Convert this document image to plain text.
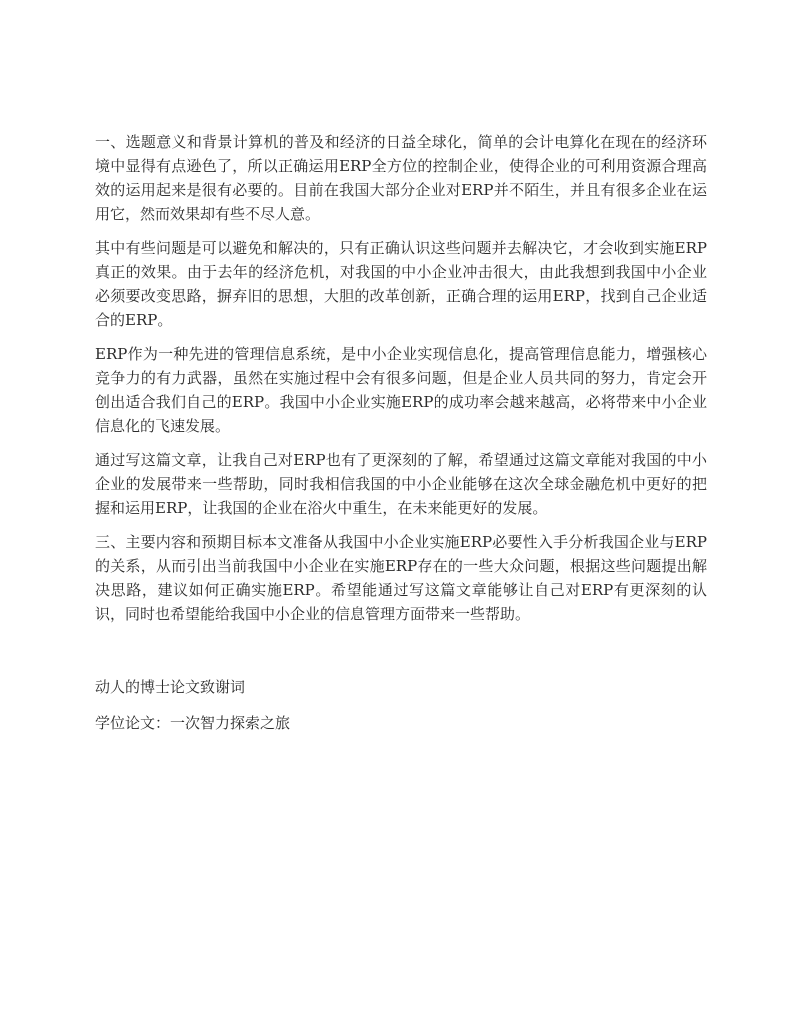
一、选题意义和背景计算机的普及和经济的日益全球化，简单的会计电算化在现在的经济环境中显得有点逊色了，所以正确运用ERP全方位的控制企业，使得企业的可利用资源合理高效的运用起来是很有必要的。目前在我国大部分企业对ERP并不陌生，并且有很多企业在运用它，然而效果却有些不尽人意。

其中有些问题是可以避免和解决的，只有正确认识这些问题并去解决它，才会收到实施ERP真正的效果。由于去年的经济危机，对我国的中小企业冲击很大，由此我想到我国中小企业必须要改变思路，摒弃旧的思想，大胆的改革创新，正确合理的运用ERP，找到自己企业适合的ERP。

ERP作为一种先进的管理信息系统，是中小企业实现信息化，提高管理信息能力，增强核心竞争力的有力武器，虽然在实施过程中会有很多问题，但是企业人员共同的努力，肯定会开创出适合我们自己的ERP。我国中小企业实施ERP的成功率会越来越高，必将带来中小企业信息化的飞速发展。

通过写这篇文章，让我自己对ERP也有了更深刻的了解，希望通过这篇文章能对我国的中小企业的发展带来一些帮助，同时我相信我国的中小企业能够在这次全球金融危机中更好的把握和运用ERP，让我国的企业在浴火中重生，在未来能更好的发展。

三、主要内容和预期目标本文准备从我国中小企业实施ERP必要性入手分析我国企业与ERP的关系，从而引出当前我国中小企业在实施ERP存在的一些大众问题，根据这些问题提出解决思路，建议如何正确实施ERP。希望能通过写这篇文章能够让自己对ERP有更深刻的认识，同时也希望能给我国中小企业的信息管理方面带来一些帮助。

动人的博士论文致谢词

学位论文：一次智力探索之旅
